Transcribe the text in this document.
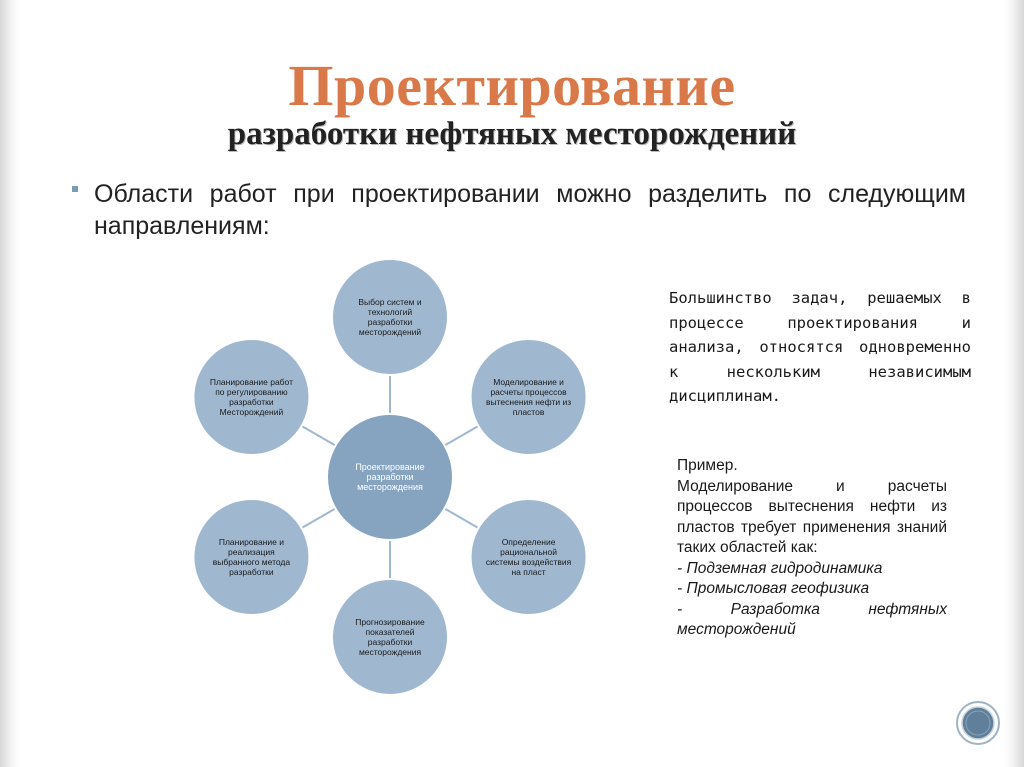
Проектирование
разработки нефтяных месторождений
Области работ при проектировании можно разделить по следующим направлениям:
Выбор систем и технологий разработки месторождений
Моделирование и расчеты процессов вытеснения нефти из пластов
Определение рациональной системы воздействия на пласт
Прогнозирование показателей разработки месторождения
Планирование и реализация выбранного метода разработки
Планирование работ по регулированию разработки Месторождений
Проектирование разработки месторождения
Большинство задач, решаемых в процессе проектирования и анализа, относятся одновременно к нескольким независимым дисциплинам.
Пример.
Моделирование и расчеты процессов вытеснения нефти из пластов требует применения знаний таких областей как:
- Подземная гидродинамика
- Промысловая геофизика
- Разработка нефтяных месторождений
